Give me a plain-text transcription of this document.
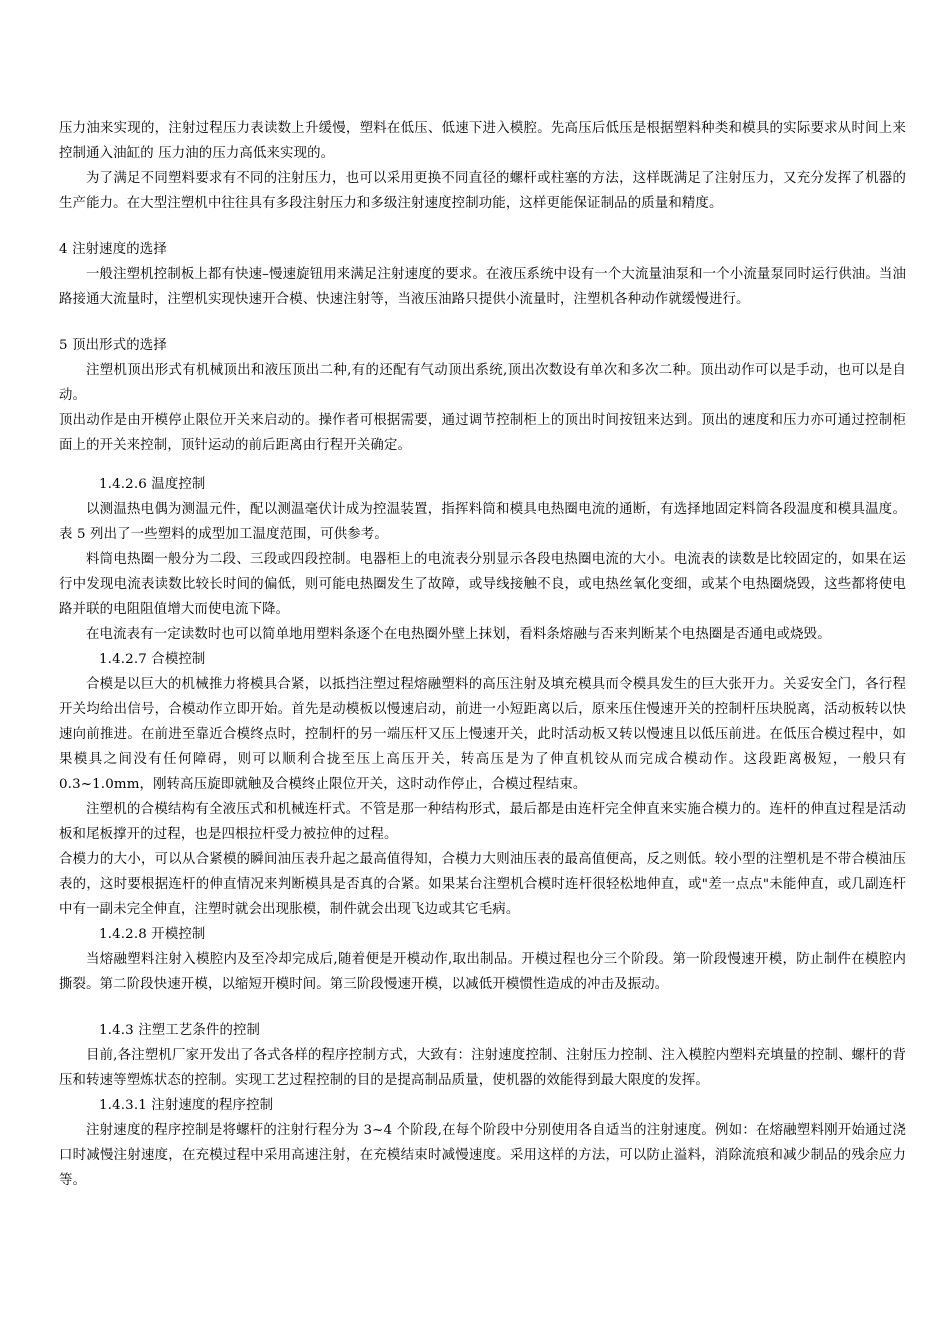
压力油来实现的，注射过程压力表读数上升缓慢，塑料在低压、低速下进入模腔。先高压后低压是根据塑料种类和模具的实际要求从时间上来控制通入油缸的 压力油的压力高低来实现的。

为了满足不同塑料要求有不同的注射压力，也可以采用更换不同直径的螺杆或柱塞的方法，这样既满足了注射压力，又充分发挥了机器的生产能力。在大型注塑机中往往具有多段注射压力和多级注射速度控制功能，这样更能保证制品的质量和精度。

4 注射速度的选择

一般注塑机控制板上都有快速–慢速旋钮用来满足注射速度的要求。在液压系统中设有一个大流量油泵和一个小流量泵同时运行供油。当油路接通大流量时，注塑机实现快速开合模、快速注射等，当液压油路只提供小流量时，注塑机各种动作就缓慢进行。

5 顶出形式的选择

注塑机顶出形式有机械顶出和液压顶出二种,有的还配有气动顶出系统,顶出次数设有单次和多次二种。顶出动作可以是手动，也可以是自动。

顶出动作是由开模停止限位开关来启动的。操作者可根据需要，通过调节控制柜上的顶出时间按钮来达到。顶出的速度和压力亦可通过控制柜面上的开关来控制，顶针运动的前后距离由行程开关确定。

1.4.2.6 温度控制

以测温热电偶为测温元件，配以测温毫伏计成为控温装置，指挥料筒和模具电热圈电流的通断，有选择地固定料筒各段温度和模具温度。表 5 列出了一些塑料的成型加工温度范围，可供参考。

料筒电热圈一般分为二段、三段或四段控制。电器柜上的电流表分别显示各段电热圈电流的大小。电流表的读数是比较固定的，如果在运行中发现电流表读数比较长时间的偏低，则可能电热圈发生了故障，或导线接触不良，或电热丝氧化变细，或某个电热圈烧毁，这些都将使电路并联的电阻阻值增大而使电流下降。

在电流表有一定读数时也可以简单地用塑料条逐个在电热圈外壁上抹划，看料条熔融与否来判断某个电热圈是否通电或烧毁。

1.4.2.7 合模控制

合模是以巨大的机械推力将模具合紧，以抵挡注塑过程熔融塑料的高压注射及填充模具而令模具发生的巨大张开力。关妥安全门，各行程开关均给出信号，合模动作立即开始。首先是动模板以慢速启动，前进一小短距离以后，原来压住慢速开关的控制杆压块脱离，活动板转以快速向前推进。在前进至靠近合模终点时，控制杆的另一端压杆又压上慢速开关，此时活动板又转以慢速且以低压前进。在低压合模过程中，如果模具之间没有任何障碍，则可以顺利合拢至压上高压开关，转高压是为了伸直机铰从而完成合模动作。这段距离极短，一般只有 0.3~1.0mm，刚转高压旋即就触及合模终止限位开关，这时动作停止，合模过程结束。

注塑机的合模结构有全液压式和机械连杆式。不管是那一种结构形式，最后都是由连杆完全伸直来实施合模力的。连杆的伸直过程是活动板和尾板撑开的过程，也是四根拉杆受力被拉伸的过程。

合模力的大小，可以从合紧模的瞬间油压表升起之最高值得知，合模力大则油压表的最高值便高，反之则低。较小型的注塑机是不带合模油压表的，这时要根据连杆的伸直情况来判断模具是否真的合紧。如果某台注塑机合模时连杆很轻松地伸直，或"差一点点"未能伸直，或几副连杆中有一副未完全伸直，注塑时就会出现胀模，制件就会出现飞边或其它毛病。

1.4.2.8 开模控制

当熔融塑料注射入模腔内及至冷却完成后,随着便是开模动作,取出制品。开模过程也分三个阶段。第一阶段慢速开模，防止制件在模腔内撕裂。第二阶段快速开模，以缩短开模时间。第三阶段慢速开模，以减低开模惯性造成的冲击及振动。

1.4.3 注塑工艺条件的控制

目前,各注塑机厂家开发出了各式各样的程序控制方式，大致有：注射速度控制、注射压力控制、注入模腔内塑料充填量的控制、螺杆的背压和转速等塑炼状态的控制。实现工艺过程控制的目的是提高制品质量，使机器的效能得到最大限度的发挥。

1.4.3.1 注射速度的程序控制

注射速度的程序控制是将螺杆的注射行程分为 3~4 个阶段,在每个阶段中分别使用各自适当的注射速度。例如：在熔融塑料刚开始通过浇口时减慢注射速度，在充模过程中采用高速注射，在充模结束时减慢速度。采用这样的方法，可以防止溢料，消除流痕和减少制品的残余应力等。
